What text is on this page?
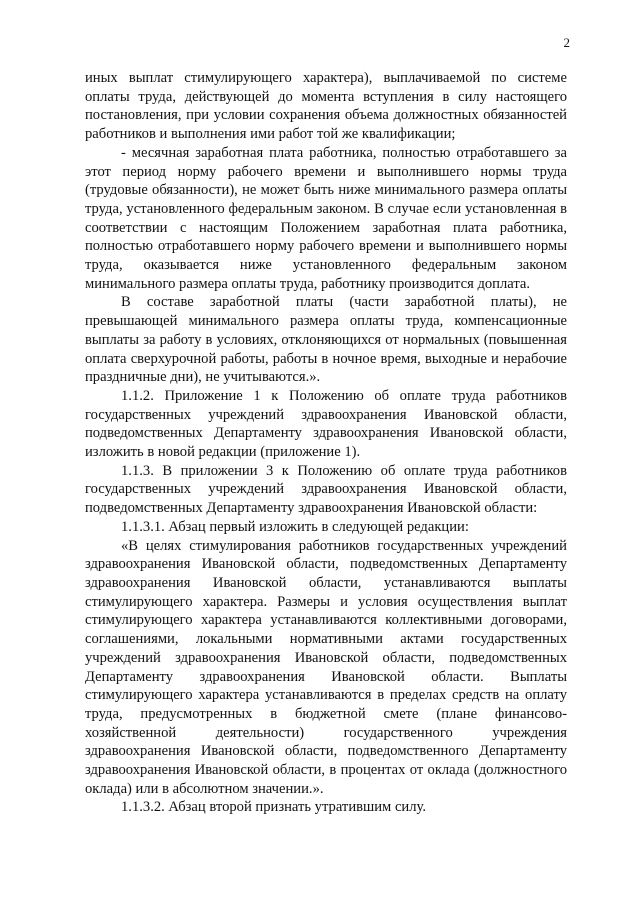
2

иных выплат стимулирующего характера), выплачиваемой по системе оплаты труда, действующей до момента вступления в силу настоящего постановления, при условии сохранения объема должностных обязанностей работников и выполнения ими работ той же квалификации;

- месячная заработная плата работника, полностью отработавшего за этот период норму рабочего времени и выполнившего нормы труда (трудовые обязанности), не может быть ниже минимального размера оплаты труда, установленного федеральным законом. В случае если установленная в соответствии с настоящим Положением заработная плата работника, полностью отработавшего норму рабочего времени и выполнившего нормы труда, оказывается ниже установленного федеральным законом минимального размера оплаты труда, работнику производится доплата.

В составе заработной платы (части заработной платы), не превышающей минимального размера оплаты труда, компенсационные выплаты за работу в условиях, отклоняющихся от нормальных (повышенная оплата сверхурочной работы, работы в ночное время, выходные и нерабочие праздничные дни), не учитываются.».

1.1.2. Приложение 1 к Положению об оплате труда работников государственных учреждений здравоохранения Ивановской области, подведомственных Департаменту здравоохранения Ивановской области, изложить в новой редакции (приложение 1).

1.1.3. В приложении 3 к Положению об оплате труда работников государственных учреждений здравоохранения Ивановской области, подведомственных Департаменту здравоохранения Ивановской области:

1.1.3.1. Абзац первый изложить в следующей редакции:

«В целях стимулирования работников государственных учреждений здравоохранения Ивановской области, подведомственных Департаменту здравоохранения Ивановской области, устанавливаются выплаты стимулирующего характера. Размеры и условия осуществления выплат стимулирующего характера устанавливаются коллективными договорами, соглашениями, локальными нормативными актами государственных учреждений здравоохранения Ивановской области, подведомственных Департаменту здравоохранения Ивановской области. Выплаты стимулирующего характера устанавливаются в пределах средств на оплату труда, предусмотренных в бюджетной смете (плане финансово-хозяйственной деятельности) государственного учреждения здравоохранения Ивановской области, подведомственного Департаменту здравоохранения Ивановской области, в процентах от оклада (должностного оклада) или в абсолютном значении.».

1.1.3.2. Абзац второй признать утратившим силу.
